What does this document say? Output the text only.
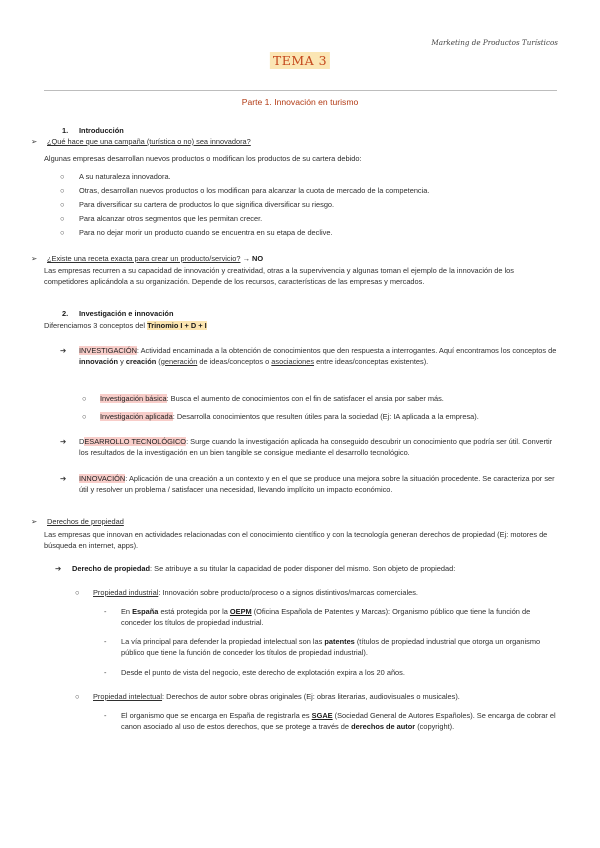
Marketing de Productos Turísticos
TEMA 3
Parte 1. Innovación en turismo
1. Introducción
➢ ¿Qué hace que una campaña (turística o no) sea innovadora?
Algunas empresas desarrollan nuevos productos o modifican los productos de su cartera debido:
○ A su naturaleza innovadora.
○ Otras, desarrollan nuevos productos o los modifican para alcanzar la cuota de mercado de la competencia.
○ Para diversificar su cartera de productos lo que significa diversificar su riesgo.
○ Para alcanzar otros segmentos que les permitan crecer.
○ Para no dejar morir un producto cuando se encuentra en su etapa de declive.
➢ ¿Existe una receta exacta para crear un producto/servicio? → NO
Las empresas recurren a su capacidad de innovación y creatividad, otras a la supervivencia y algunas toman el ejemplo de la innovación de los competidores aplicándola a su organización. Depende de los recursos, características de las empresas y mercados.
2. Investigación e innovación
Diferenciamos 3 conceptos del Trinomio I + D + I
➔ INVESTIGACIÓN: Actividad encaminada a la obtención de conocimientos que den respuesta a interrogantes. Aquí encontramos los conceptos de innovación y creación (generación de ideas/conceptos o asociaciones entre ideas/conceptas existentes).
○ Investigación básica: Busca el aumento de conocimientos con el fin de satisfacer el ansia por saber más.
○ Investigación aplicada: Desarrolla conocimientos que resulten útiles para la sociedad (Ej: IA aplicada a la empresa).
➔ DESARROLLO TECNOLÓGICO: Surge cuando la investigación aplicada ha conseguido descubrir un conocimiento que podría ser útil. Convertir los resultados de la investigación en un bien tangible se consigue mediante el desarrollo tecnológico.
➔ INNOVACIÓN: Aplicación de una creación a un contexto y en el que se produce una mejora sobre la situación procedente. Se caracteriza por ser útil y resolver un problema / satisfacer una necesidad, llevando implícito un impacto económico.
➢ Derechos de propiedad
Las empresas que innovan en actividades relacionadas con el conocimiento científico y con la tecnología generan derechos de propiedad (Ej: motores de búsqueda en internet, apps).
➔ Derecho de propiedad: Se atribuye a su titular la capacidad de poder disponer del mismo. Son objeto de propiedad:
○ Propiedad industrial: Innovación sobre producto/proceso o a signos distintivos/marcas comerciales.
- En España está protegida por la OEPM (Oficina Española de Patentes y Marcas): Organismo público que tiene la función de conceder los títulos de propiedad industrial.
- La vía principal para defender la propiedad intelectual son las patentes (títulos de propiedad industrial que otorga un organismo público que tiene la función de conceder los títulos de propiedad industrial).
- Desde el punto de vista del negocio, este derecho de explotación expira a los 20 años.
○ Propiedad intelectual: Derechos de autor sobre obras originales (Ej: obras literarias, audiovisuales o musicales).
- El organismo que se encarga en España de registrarla es SGAE (Sociedad General de Autores Españoles). Se encarga de cobrar el canon asociado al uso de estos derechos, que se protege a través de derechos de autor (copyright).
